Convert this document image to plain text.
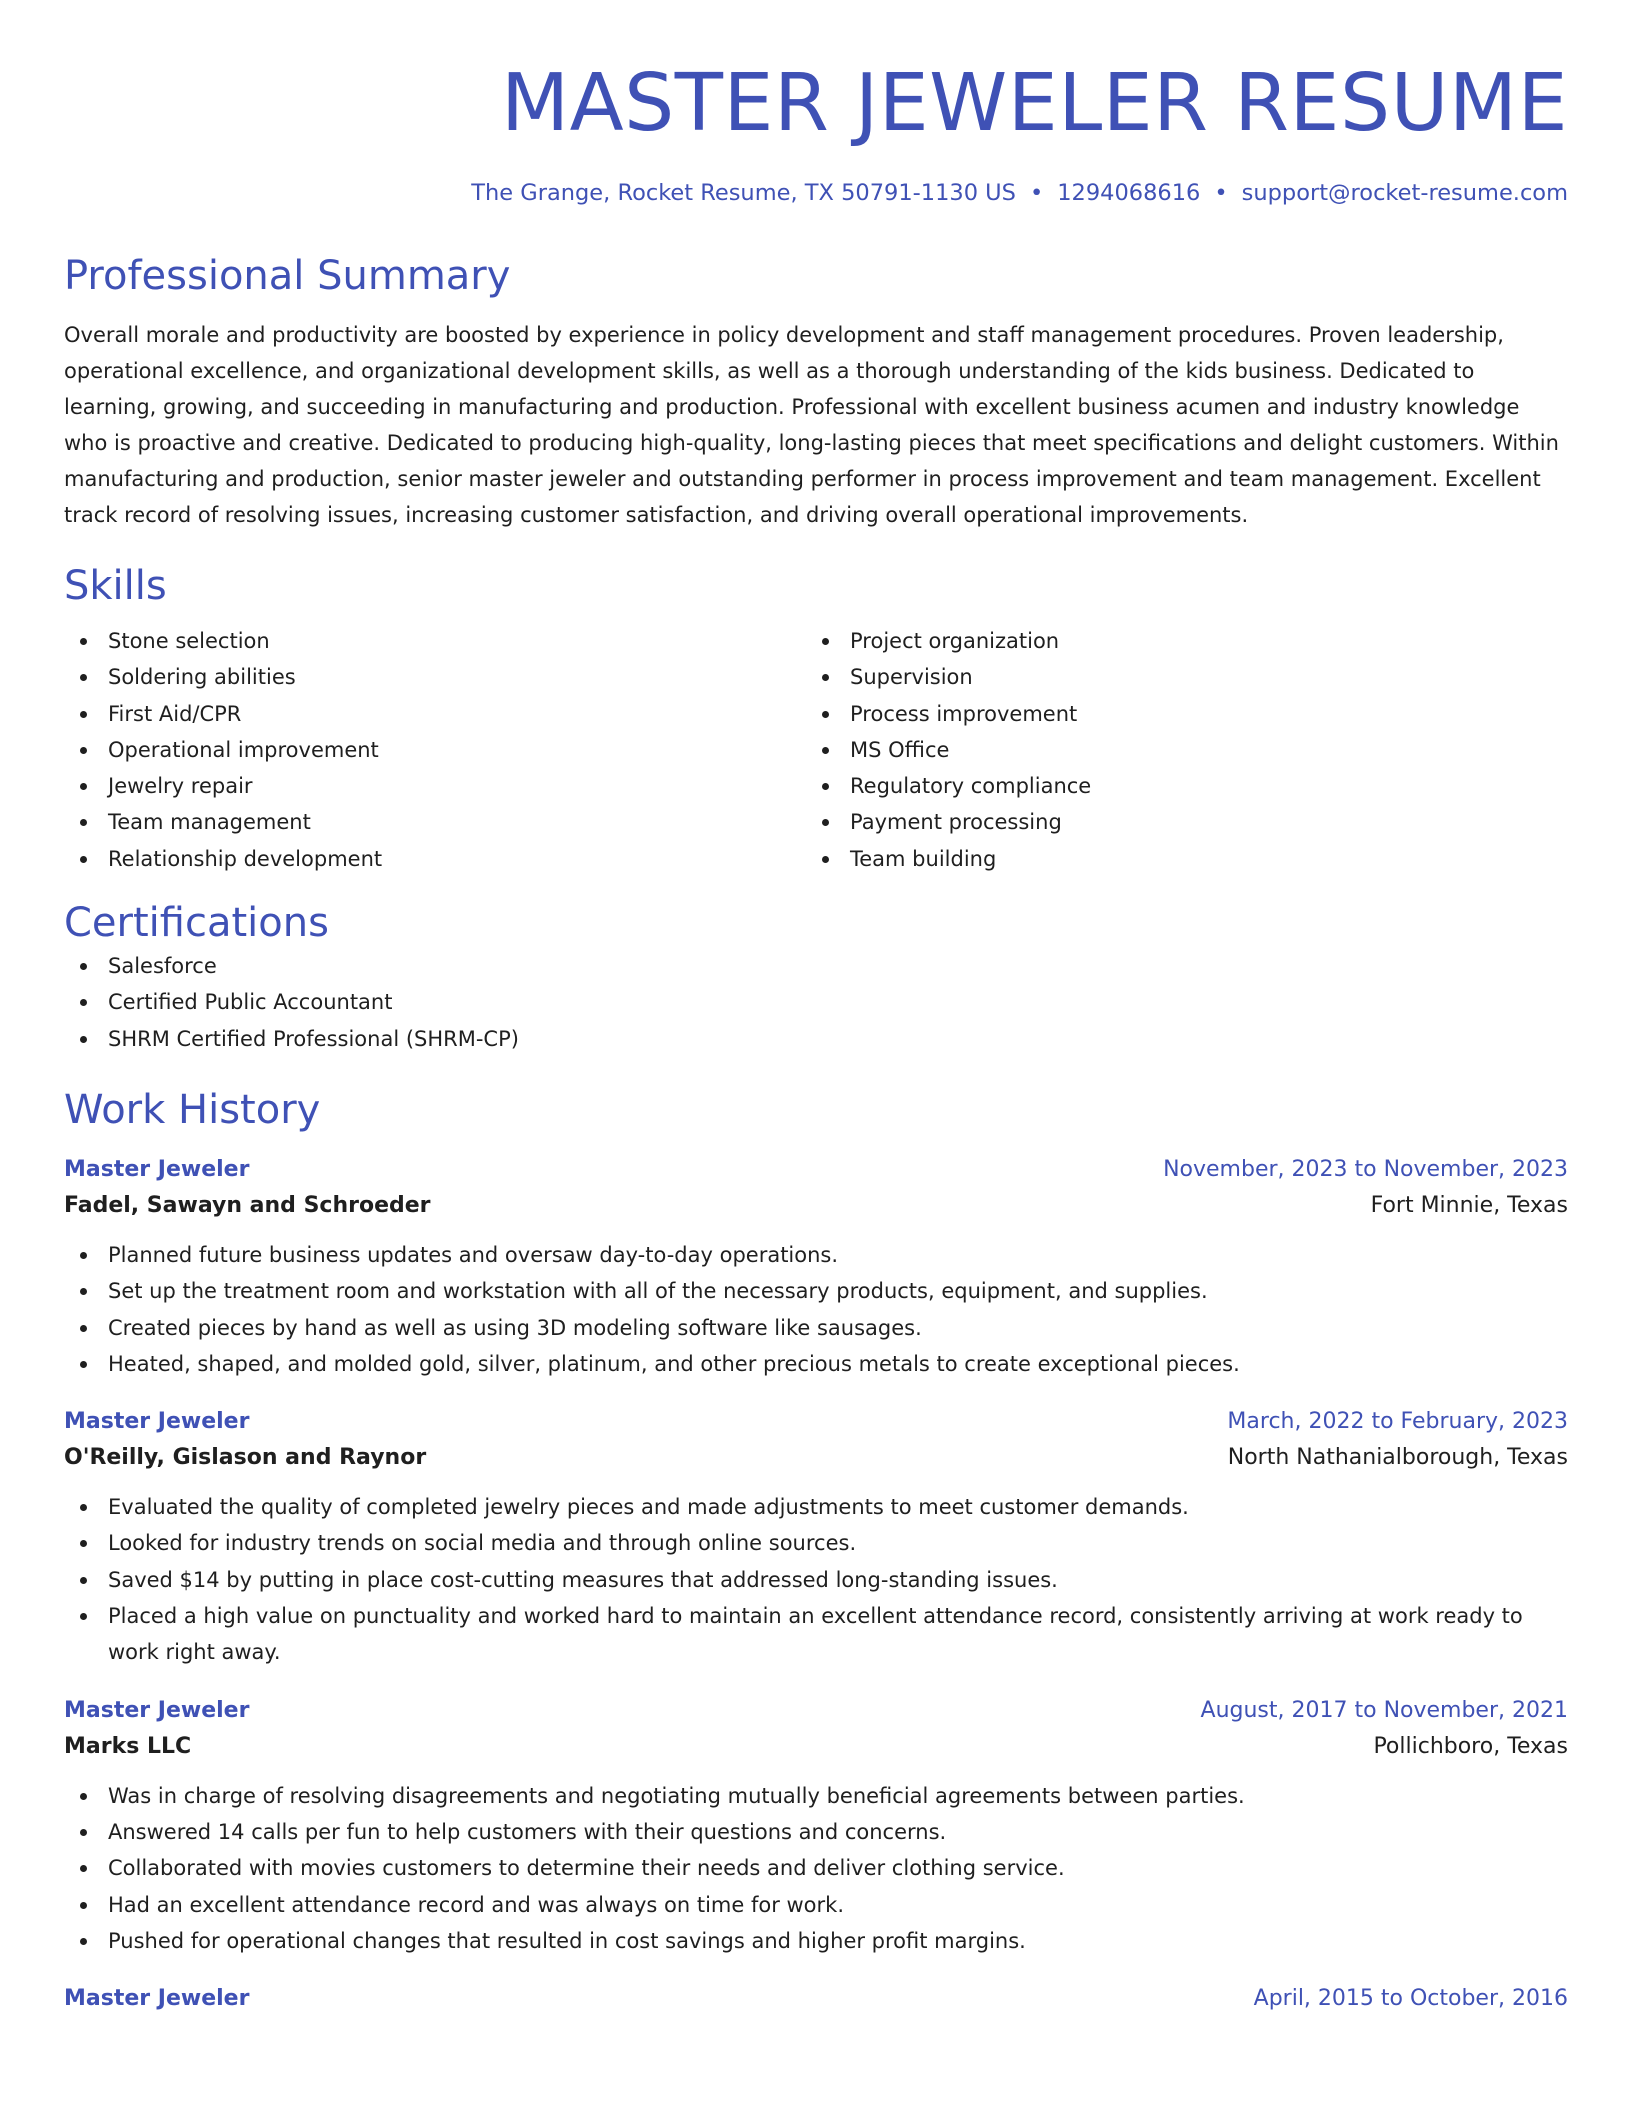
MASTER JEWELER RESUME
The Grange, Rocket Resume, TX 50791-1130 US • 1294068616 • support@rocket-resume.com
Professional Summary

Overall morale and productivity are boosted by experience in policy development and staff management procedures. Proven leadership, operational excellence, and organizational development skills, as well as a thorough understanding of the kids business. Dedicated to learning, growing, and succeeding in manufacturing and production. Professional with excellent business acumen and industry knowledge who is proactive and creative. Dedicated to producing high-quality, long-lasting pieces that meet specifications and delight customers. Within manufacturing and production, senior master jeweler and outstanding performer in process improvement and team management. Excellent track record of resolving issues, increasing customer satisfaction, and driving overall operational improvements.

Skills
Stone selection
Soldering abilities
First Aid/CPR
Operational improvement
Jewelry repair
Team management
Relationship development
Project organization
Supervision
Process improvement
MS Office
Regulatory compliance
Payment processing
Team building
Certifications
Salesforce
Certified Public Accountant
SHRM Certified Professional (SHRM-CP)
Work History
Master Jeweler	November, 2023 to November, 2023
Fadel, Sawayn and Schroeder	Fort Minnie, Texas
Planned future business updates and oversaw day-to-day operations.
Set up the treatment room and workstation with all of the necessary products, equipment, and supplies.
Created pieces by hand as well as using 3D modeling software like sausages.
Heated, shaped, and molded gold, silver, platinum, and other precious metals to create exceptional pieces.
Master Jeweler	March, 2022 to February, 2023
O'Reilly, Gislason and Raynor	North Nathanialborough, Texas
Evaluated the quality of completed jewelry pieces and made adjustments to meet customer demands.
Looked for industry trends on social media and through online sources.
Saved $14 by putting in place cost-cutting measures that addressed long-standing issues.
Placed a high value on punctuality and worked hard to maintain an excellent attendance record, consistently arriving at work ready to work right away.
Master Jeweler	August, 2017 to November, 2021
Marks LLC	Pollichboro, Texas
Was in charge of resolving disagreements and negotiating mutually beneficial agreements between parties.
Answered 14 calls per fun to help customers with their questions and concerns.
Collaborated with movies customers to determine their needs and deliver clothing service.
Had an excellent attendance record and was always on time for work.
Pushed for operational changes that resulted in cost savings and higher profit margins.
Master Jeweler	April, 2015 to October, 2016
